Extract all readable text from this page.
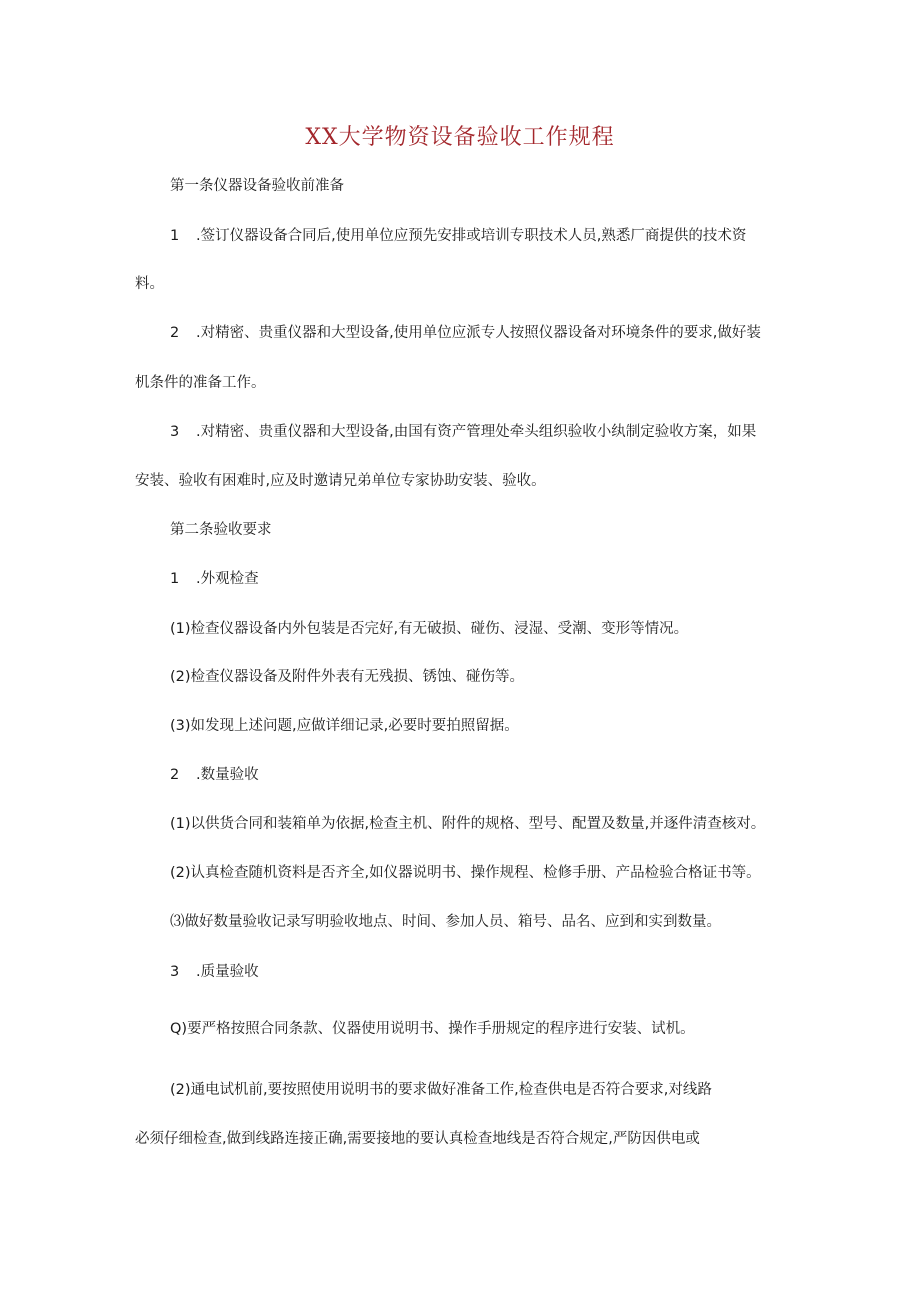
XX大学物资设备验收工作规程
第一条仪器设备验收前准备
1 .签订仪器设备合同后,使用单位应预先安排或培训专职技术人员,熟悉厂商提供的技术资
料。
2 .对精密、贵重仪器和大型设备,使用单位应派专人按照仪器设备对环境条件的要求,做好装
机条件的准备工作。
3 .对精密、贵重仪器和大型设备,由国有资产管理处牵头组织验收小纨制定验收方案，如果
安装、验收有困难时,应及时邀请兄弟单位专家协助安装、验收。
第二条验收要求
1 .外观检查
(1)检查仪器设备内外包装是否完好,有无破损、碰伤、浸湿、受潮、变形等情况。
(2)检查仪器设备及附件外表有无残损、锈蚀、碰伤等。
(3)如发现上述问题,应做详细记录,必要时要拍照留据。
2 .数量验收
(1)以供货合同和装箱单为依据,检查主机、附件的规格、型号、配置及数量,并逐件清查核对。
(2)认真检查随机资料是否齐全,如仪器说明书、操作规程、检修手册、产品检验合格证书等。
⑶做好数量验收记录写明验收地点、时间、参加人员、箱号、品名、应到和实到数量。
3 .质量验收
Q)要严格按照合同条款、仪器使用说明书、操作手册规定的程序进行安装、试机。
(2)通电试机前,要按照使用说明书的要求做好准备工作,检查供电是否符合要求,对线路
必须仔细检查,做到线路连接正确,需要接地的要认真检查地线是否符合规定,严防因供电或
